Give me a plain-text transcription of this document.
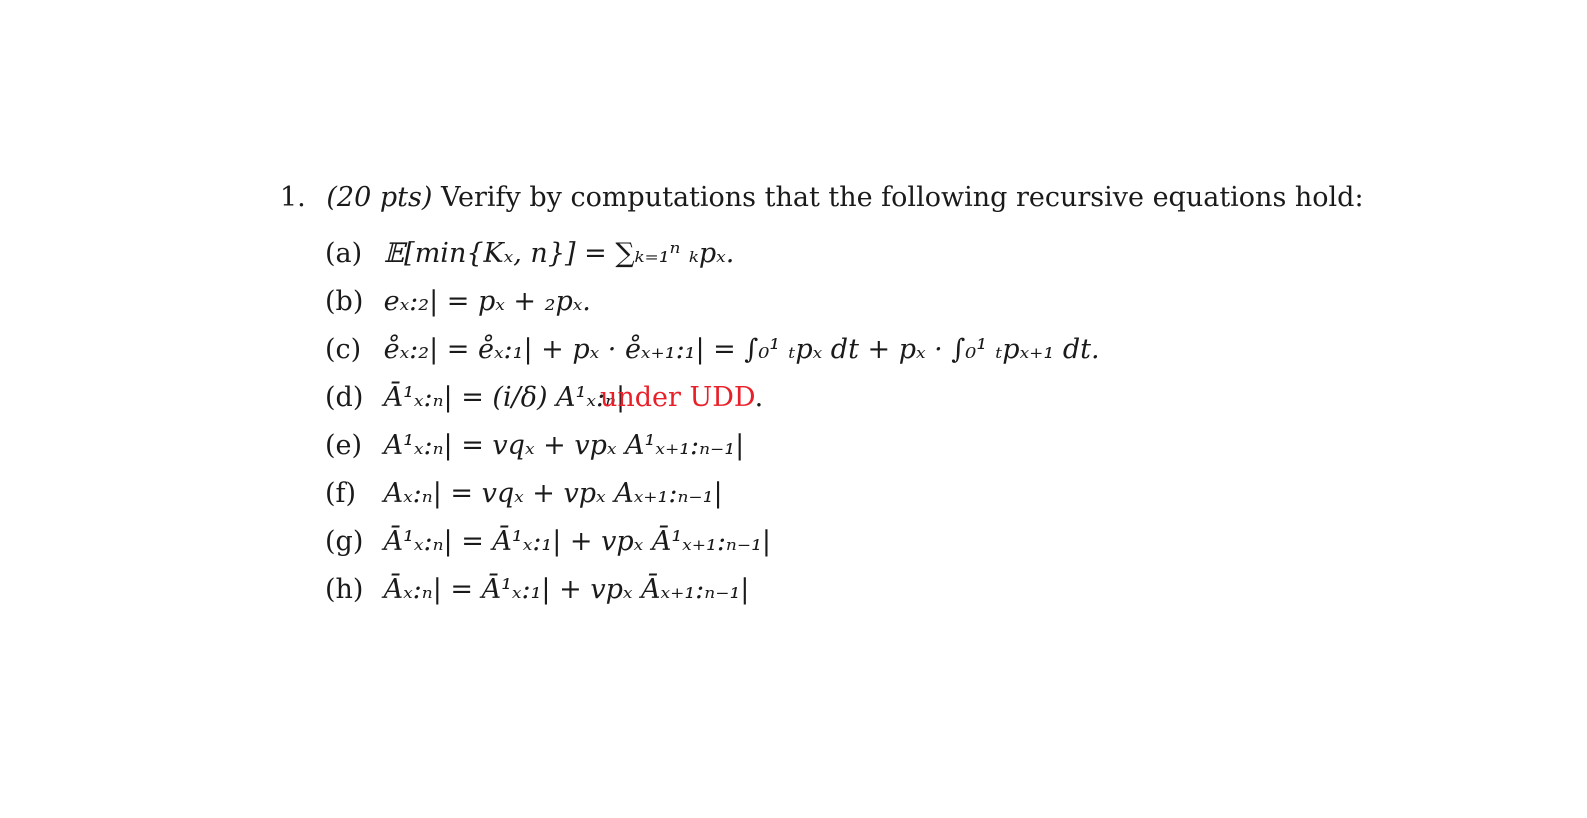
1. (20 pts) Verify by computations that the following recursive equations hold:
(a) 𝔼[min{Kₓ, n}] = ∑ₖ₌₁ⁿ ₖpₓ.
(b) eₓ:₂| = pₓ + ₂pₓ.
(c) e̊ₓ:₂| = e̊ₓ:₁| + pₓ · e̊ₓ₊₁:₁| = ∫₀¹ ₜpₓ dt + pₓ · ∫₀¹ ₜpₓ₊₁ dt.
(d) Ā¹ₓ:ₙ| = (i/δ) A¹ₓ:ₙ|
under UDD.
(e) A¹ₓ:ₙ| = vqₓ + vpₓ A¹ₓ₊₁:ₙ₋₁|
(f) Aₓ:ₙ| = vqₓ + vpₓ Aₓ₊₁:ₙ₋₁|
(g) Ā¹ₓ:ₙ| = Ā¹ₓ:₁| + vpₓ Ā¹ₓ₊₁:ₙ₋₁|
(h) Āₓ:ₙ| = Ā¹ₓ:₁| + vpₓ Āₓ₊₁:ₙ₋₁|
